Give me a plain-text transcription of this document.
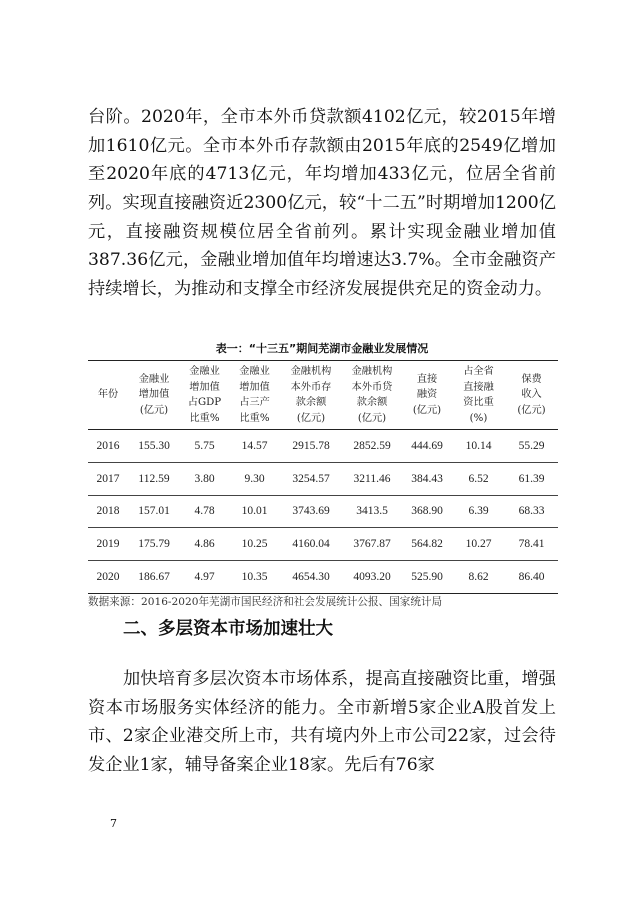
台阶。2020年，全市本外币贷款额4102亿元，较2015年增加1610亿元。全市本外币存款额由2015年底的2549亿增加至2020年底的4713亿元，年均增加433亿元，位居全省前列。实现直接融资近2300亿元，较“十二五”时期增加1200亿元，直接融资规模位居全省前列。累计实现金融业增加值387.36亿元，金融业增加值年均增速达3.7%。全市金融资产持续增长，为推动和支撑全市经济发展提供充足的资金动力。

表一：“十三五”期间芜湖市金融业发展情况
年份	金融业
增加值
(亿元)	金融业
增加值
占GDP
比重%	金融业
增加值
占三产
比重%	金融机构
本外币存
款余额
(亿元)	金融机构
本外币贷
款余额
(亿元)	直接
融资
(亿元)	占全省
直接融
资比重
(%)	保费
收入
(亿元)
2016	155.30	5.75	14.57	2915.78	2852.59	444.69	10.14	55.29
2017	112.59	3.80	9.30	3254.57	3211.46	384.43	6.52	61.39
2018	157.01	4.78	10.01	3743.69	3413.5	368.90	6.39	68.33
2019	175.79	4.86	10.25	4160.04	3767.87	564.82	10.27	78.41
2020	186.67	4.97	10.35	4654.30	4093.20	525.90	8.62	86.40
数据来源：2016-2020年芜湖市国民经济和社会发展统计公报、国家统计局
二、多层资本市场加速壮大

加快培育多层次资本市场体系，提高直接融资比重，增强资本市场服务实体经济的能力。全市新增5家企业A股首发上市、2家企业港交所上市，共有境内外上市公司22家，过会待发企业1家，辅导备案企业18家。先后有76家

7
